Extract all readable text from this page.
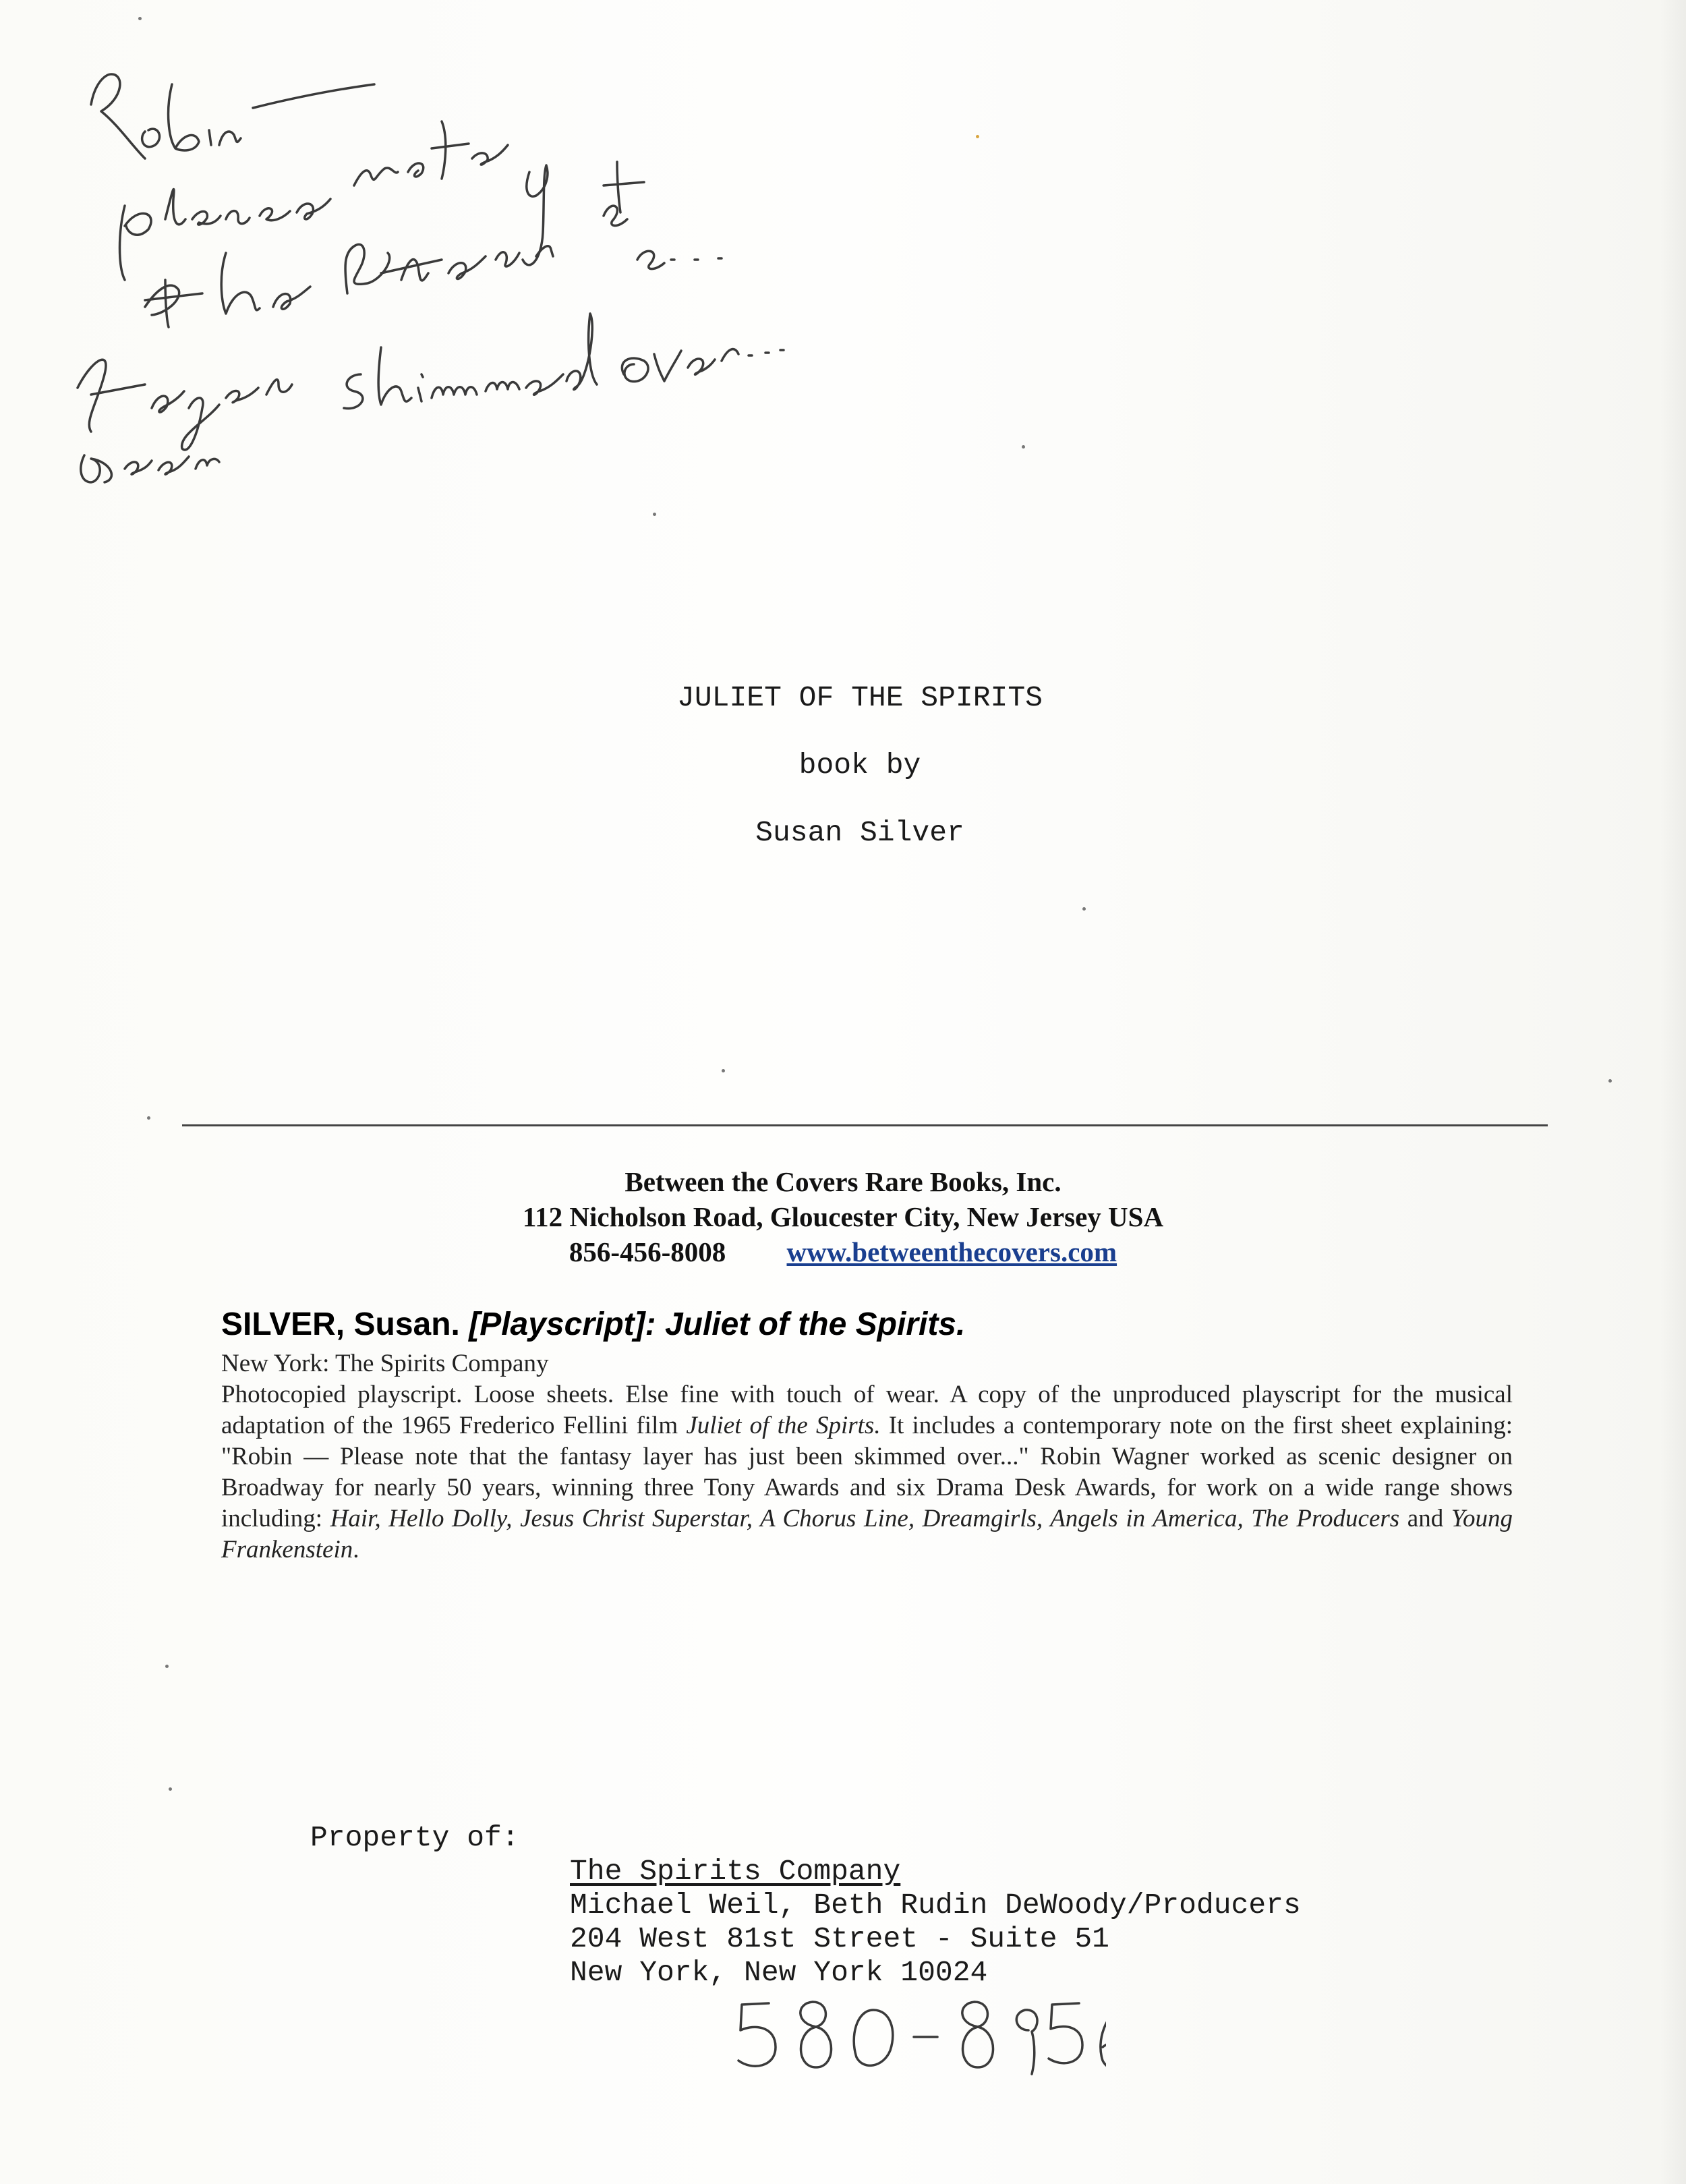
JULIET OF THE SPIRITS
book by
Susan Silver
Between the Covers Rare Books, Inc.
112 Nicholson Road, Gloucester City, New Jersey USA
856-456-8008 www.betweenthecovers.com
SILVER, Susan. [Playscript]: Juliet of the Spirits.
New York: The Spirits Company
Photocopied playscript. Loose sheets. Else fine with touch of wear. A copy of the unproduced playscript for the musical adaptation of the 1965 Frederico Fellini film Juliet of the Spirts. It includes a contemporary note on the first sheet explaining: "Robin — Please note that the fantasy layer has just been skimmed over..." Robin Wagner worked as scenic designer on Broadway for nearly 50 years, winning three Tony Awards and six Drama Desk Awards, for work on a wide range shows including: Hair, Hello Dolly, Jesus Christ Superstar, A Chorus Line, Dreamgirls, Angels in America, The Producers and Young Frankenstein.
Property of:
The Spirits Company
Michael Weil, Beth Rudin DeWoody/Producers
204 West 81st Street - Suite 51
New York, New York 10024
